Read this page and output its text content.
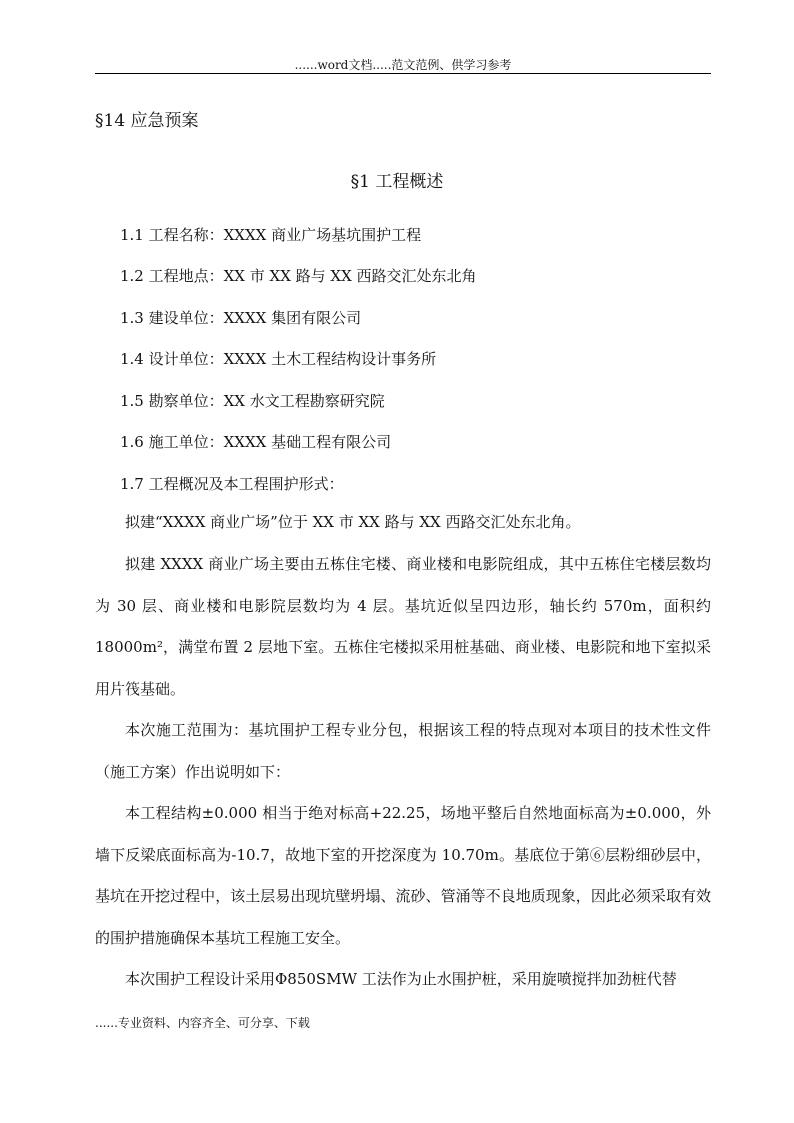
......word文档.....范文范例、供学习参考
§14 应急预案
§1 工程概述
1.1 工程名称：XXXX 商业广场基坑围护工程
1.2 工程地点：XX 市 XX 路与 XX 西路交汇处东北角
1.3 建设单位：XXXX 集团有限公司
1.4 设计单位：XXXX 土木工程结构设计事务所
1.5 勘察单位：XX 水文工程勘察研究院
1.6 施工单位：XXXX 基础工程有限公司
1.7 工程概况及本工程围护形式：

拟建“XXXX 商业广场”位于 XX 市 XX 路与 XX 西路交汇处东北角。

拟建 XXXX 商业广场主要由五栋住宅楼、商业楼和电影院组成，其中五栋住宅楼层数均为 30 层、商业楼和电影院层数均为 4 层。基坑近似呈四边形，轴长约 570m，面积约 18000m²，满堂布置 2 层地下室。五栋住宅楼拟采用桩基础、商业楼、电影院和地下室拟采用片筏基础。

本次施工范围为：基坑围护工程专业分包，根据该工程的特点现对本项目的技术性文件（施工方案）作出说明如下：

本工程结构±0.000 相当于绝对标高+22.25，场地平整后自然地面标高为±0.000，外墙下反梁底面标高为-10.7，故地下室的开挖深度为 10.70m。基底位于第⑥层粉细砂层中，基坑在开挖过程中，该土层易出现坑壁坍塌、流砂、管涌等不良地质现象，因此必须采取有效的围护措施确保本基坑工程施工安全。

本次围护工程设计采用Φ850SMW 工法作为止水围护桩，采用旋喷搅拌加劲桩代替

......专业资料、内容齐全、可分享、下载
